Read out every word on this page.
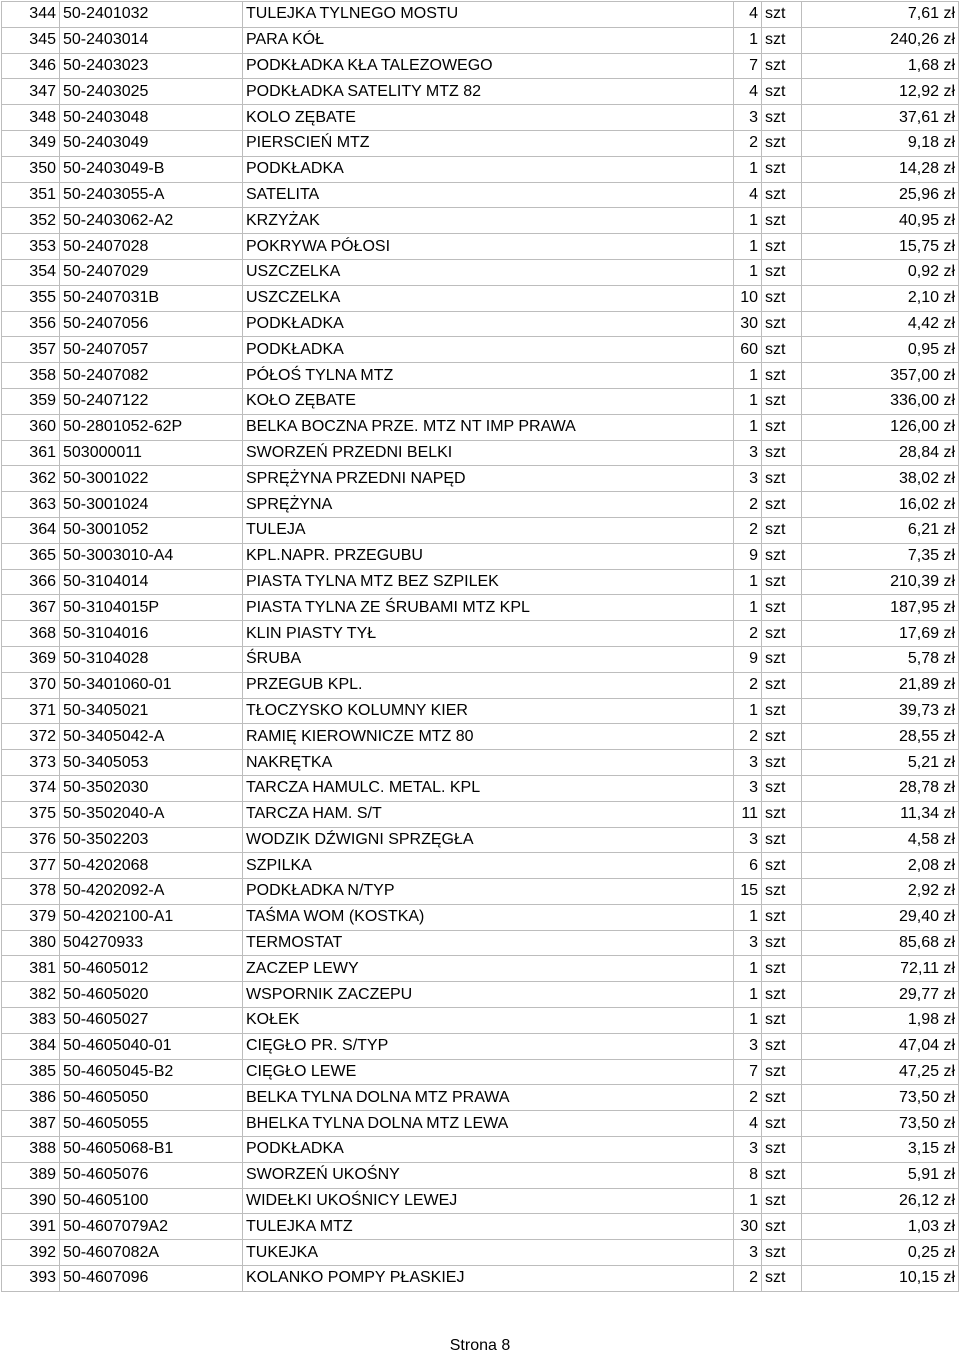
344	50-2401032	TULEJKA TYLNEGO MOSTU	4	szt	7,61 zł
345	50-2403014	PARA KÓŁ	1	szt	240,26 zł
346	50-2403023	PODKŁADKA KŁA TALEZOWEGO	7	szt	1,68 zł
347	50-2403025	PODKŁADKA SATELITY MTZ 82	4	szt	12,92 zł
348	50-2403048	KOLO ZĘBATE	3	szt	37,61 zł
349	50-2403049	PIERSCIEŃ MTZ	2	szt	9,18 zł
350	50-2403049-B	PODKŁADKA	1	szt	14,28 zł
351	50-2403055-A	SATELITA	4	szt	25,96 zł
352	50-2403062-A2	KRZYŻAK	1	szt	40,95 zł
353	50-2407028	POKRYWA PÓŁOSI	1	szt	15,75 zł
354	50-2407029	USZCZELKA	1	szt	0,92 zł
355	50-2407031B	USZCZELKA	10	szt	2,10 zł
356	50-2407056	PODKŁADKA	30	szt	4,42 zł
357	50-2407057	PODKŁADKA	60	szt	0,95 zł
358	50-2407082	PÓŁOŚ TYLNA MTZ	1	szt	357,00 zł
359	50-2407122	KOŁO ZĘBATE	1	szt	336,00 zł
360	50-2801052-62P	BELKA BOCZNA PRZE. MTZ NT IMP PRAWA	1	szt	126,00 zł
361	503000011	SWORZEŃ PRZEDNI BELKI	3	szt	28,84 zł
362	50-3001022	SPRĘŻYNA PRZEDNI NAPĘD	3	szt	38,02 zł
363	50-3001024	SPRĘŻYNA	2	szt	16,02 zł
364	50-3001052	TULEJA	2	szt	6,21 zł
365	50-3003010-A4	KPL.NAPR. PRZEGUBU	9	szt	7,35 zł
366	50-3104014	PIASTA TYLNA MTZ BEZ SZPILEK	1	szt	210,39 zł
367	50-3104015P	PIASTA TYLNA ZE ŚRUBAMI MTZ KPL	1	szt	187,95 zł
368	50-3104016	KLIN PIASTY TYŁ	2	szt	17,69 zł
369	50-3104028	ŚRUBA	9	szt	5,78 zł
370	50-3401060-01	PRZEGUB KPL.	2	szt	21,89 zł
371	50-3405021	TŁOCZYSKO KOLUMNY KIER	1	szt	39,73 zł
372	50-3405042-A	RAMIĘ KIEROWNICZE MTZ 80	2	szt	28,55 zł
373	50-3405053	NAKRĘTKA	3	szt	5,21 zł
374	50-3502030	TARCZA HAMULC. METAL. KPL	3	szt	28,78 zł
375	50-3502040-A	TARCZA HAM. S/T	11	szt	11,34 zł
376	50-3502203	WODZIK DŹWIGNI SPRZĘGŁA	3	szt	4,58 zł
377	50-4202068	SZPILKA	6	szt	2,08 zł
378	50-4202092-A	PODKŁADKA N/TYP	15	szt	2,92 zł
379	50-4202100-A1	TAŚMA WOM (KOSTKA)	1	szt	29,40 zł
380	504270933	TERMOSTAT	3	szt	85,68 zł
381	50-4605012	ZACZEP LEWY	1	szt	72,11 zł
382	50-4605020	WSPORNIK ZACZEPU	1	szt	29,77 zł
383	50-4605027	KOŁEK	1	szt	1,98 zł
384	50-4605040-01	CIĘGŁO PR. S/TYP	3	szt	47,04 zł
385	50-4605045-B2	CIĘGŁO LEWE	7	szt	47,25 zł
386	50-4605050	BELKA TYLNA DOLNA MTZ PRAWA	2	szt	73,50 zł
387	50-4605055	BHELKA TYLNA DOLNA MTZ LEWA	4	szt	73,50 zł
388	50-4605068-B1	PODKŁADKA	3	szt	3,15 zł
389	50-4605076	SWORZEŃ UKOŚNY	8	szt	5,91 zł
390	50-4605100	WIDEŁKI UKOŚNICY LEWEJ	1	szt	26,12 zł
391	50-4607079A2	TULEJKA MTZ	30	szt	1,03 zł
392	50-4607082A	TUKEJKA	3	szt	0,25 zł
393	50-4607096	KOLANKO POMPY PŁASKIEJ	2	szt	10,15 zł
Strona 8
